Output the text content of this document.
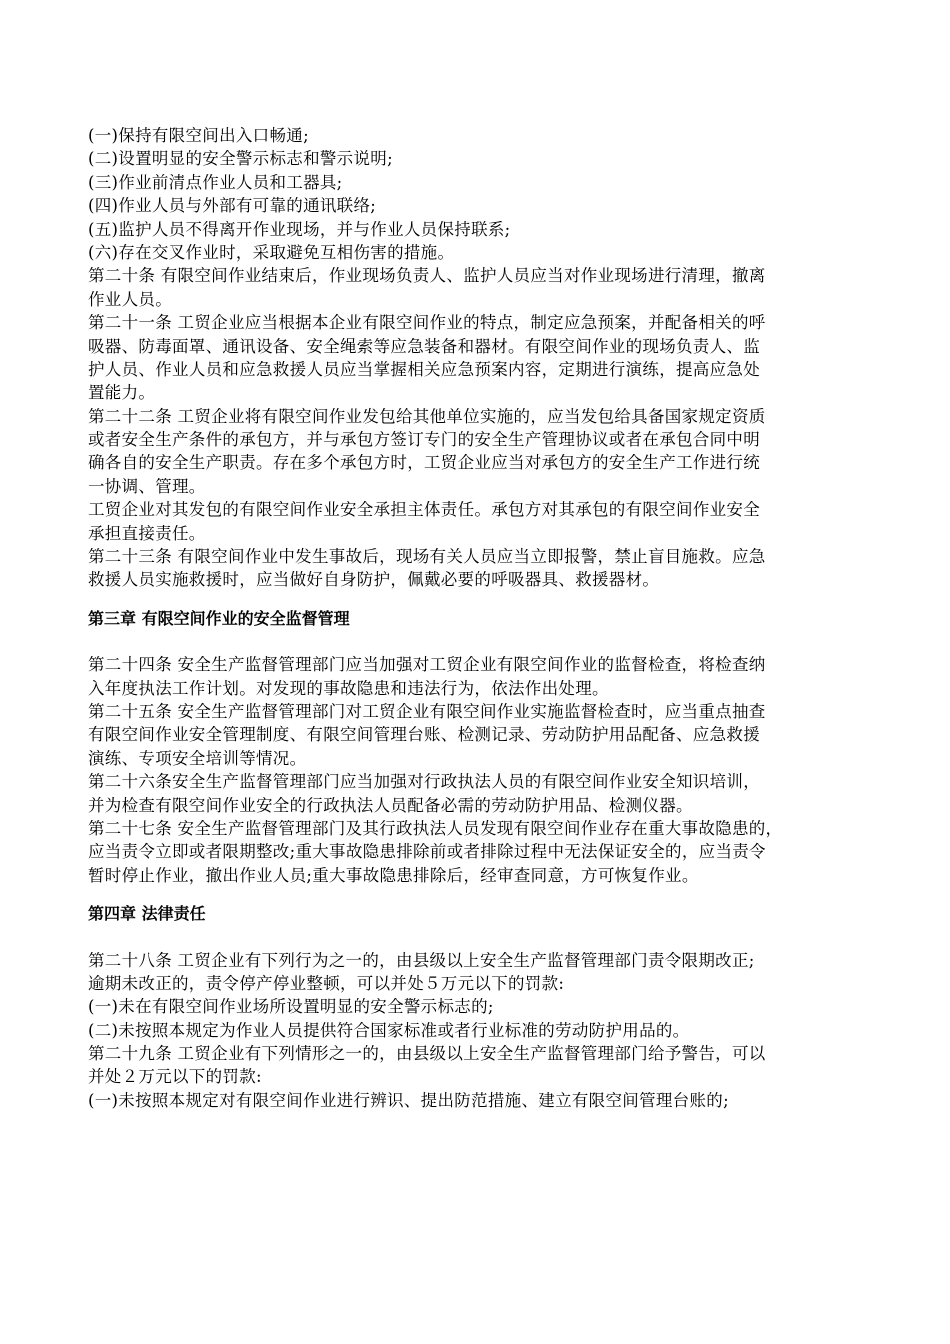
(一)保持有限空间出入口畅通;
(二)设置明显的安全警示标志和警示说明;
(三)作业前清点作业人员和工器具;
(四)作业人员与外部有可靠的通讯联络;
(五)监护人员不得离开作业现场，并与作业人员保持联系;
(六)存在交叉作业时，采取避免互相伤害的措施。
第二十条 有限空间作业结束后，作业现场负责人、监护人员应当对作业现场进行清理，撤离
作业人员。
第二十一条 工贸企业应当根据本企业有限空间作业的特点，制定应急预案，并配备相关的呼
吸器、防毒面罩、通讯设备、安全绳索等应急装备和器材。有限空间作业的现场负责人、监
护人员、作业人员和应急救援人员应当掌握相关应急预案内容，定期进行演练，提高应急处
置能力。
第二十二条 工贸企业将有限空间作业发包给其他单位实施的，应当发包给具备国家规定资质
或者安全生产条件的承包方，并与承包方签订专门的安全生产管理协议或者在承包合同中明
确各自的安全生产职责。存在多个承包方时，工贸企业应当对承包方的安全生产工作进行统
一协调、管理。
工贸企业对其发包的有限空间作业安全承担主体责任。承包方对其承包的有限空间作业安全
承担直接责任。
第二十三条 有限空间作业中发生事故后，现场有关人员应当立即报警，禁止盲目施救。应急
救援人员实施救援时，应当做好自身防护，佩戴必要的呼吸器具、救援器材。
第三章 有限空间作业的安全监督管理
第二十四条 安全生产监督管理部门应当加强对工贸企业有限空间作业的监督检查，将检查纳
入年度执法工作计划。对发现的事故隐患和违法行为，依法作出处理。
第二十五条 安全生产监督管理部门对工贸企业有限空间作业实施监督检查时，应当重点抽查
有限空间作业安全管理制度、有限空间管理台账、检测记录、劳动防护用品配备、应急救援
演练、专项安全培训等情况。
第二十六条安全生产监督管理部门应当加强对行政执法人员的有限空间作业安全知识培训，
并为检查有限空间作业安全的行政执法人员配备必需的劳动防护用品、检测仪器。
第二十七条 安全生产监督管理部门及其行政执法人员发现有限空间作业存在重大事故隐患的，
应当责令立即或者限期整改;重大事故隐患排除前或者排除过程中无法保证安全的，应当责令
暂时停止作业，撤出作业人员;重大事故隐患排除后，经审查同意，方可恢复作业。
第四章 法律责任
第二十八条 工贸企业有下列行为之一的，由县级以上安全生产监督管理部门责令限期改正;
逾期未改正的，责令停产停业整顿，可以并处５万元以下的罚款:
(一)未在有限空间作业场所设置明显的安全警示标志的;
(二)未按照本规定为作业人员提供符合国家标准或者行业标准的劳动防护用品的。
第二十九条 工贸企业有下列情形之一的，由县级以上安全生产监督管理部门给予警告，可以
并处２万元以下的罚款:
(一)未按照本规定对有限空间作业进行辨识、提出防范措施、建立有限空间管理台账的;
